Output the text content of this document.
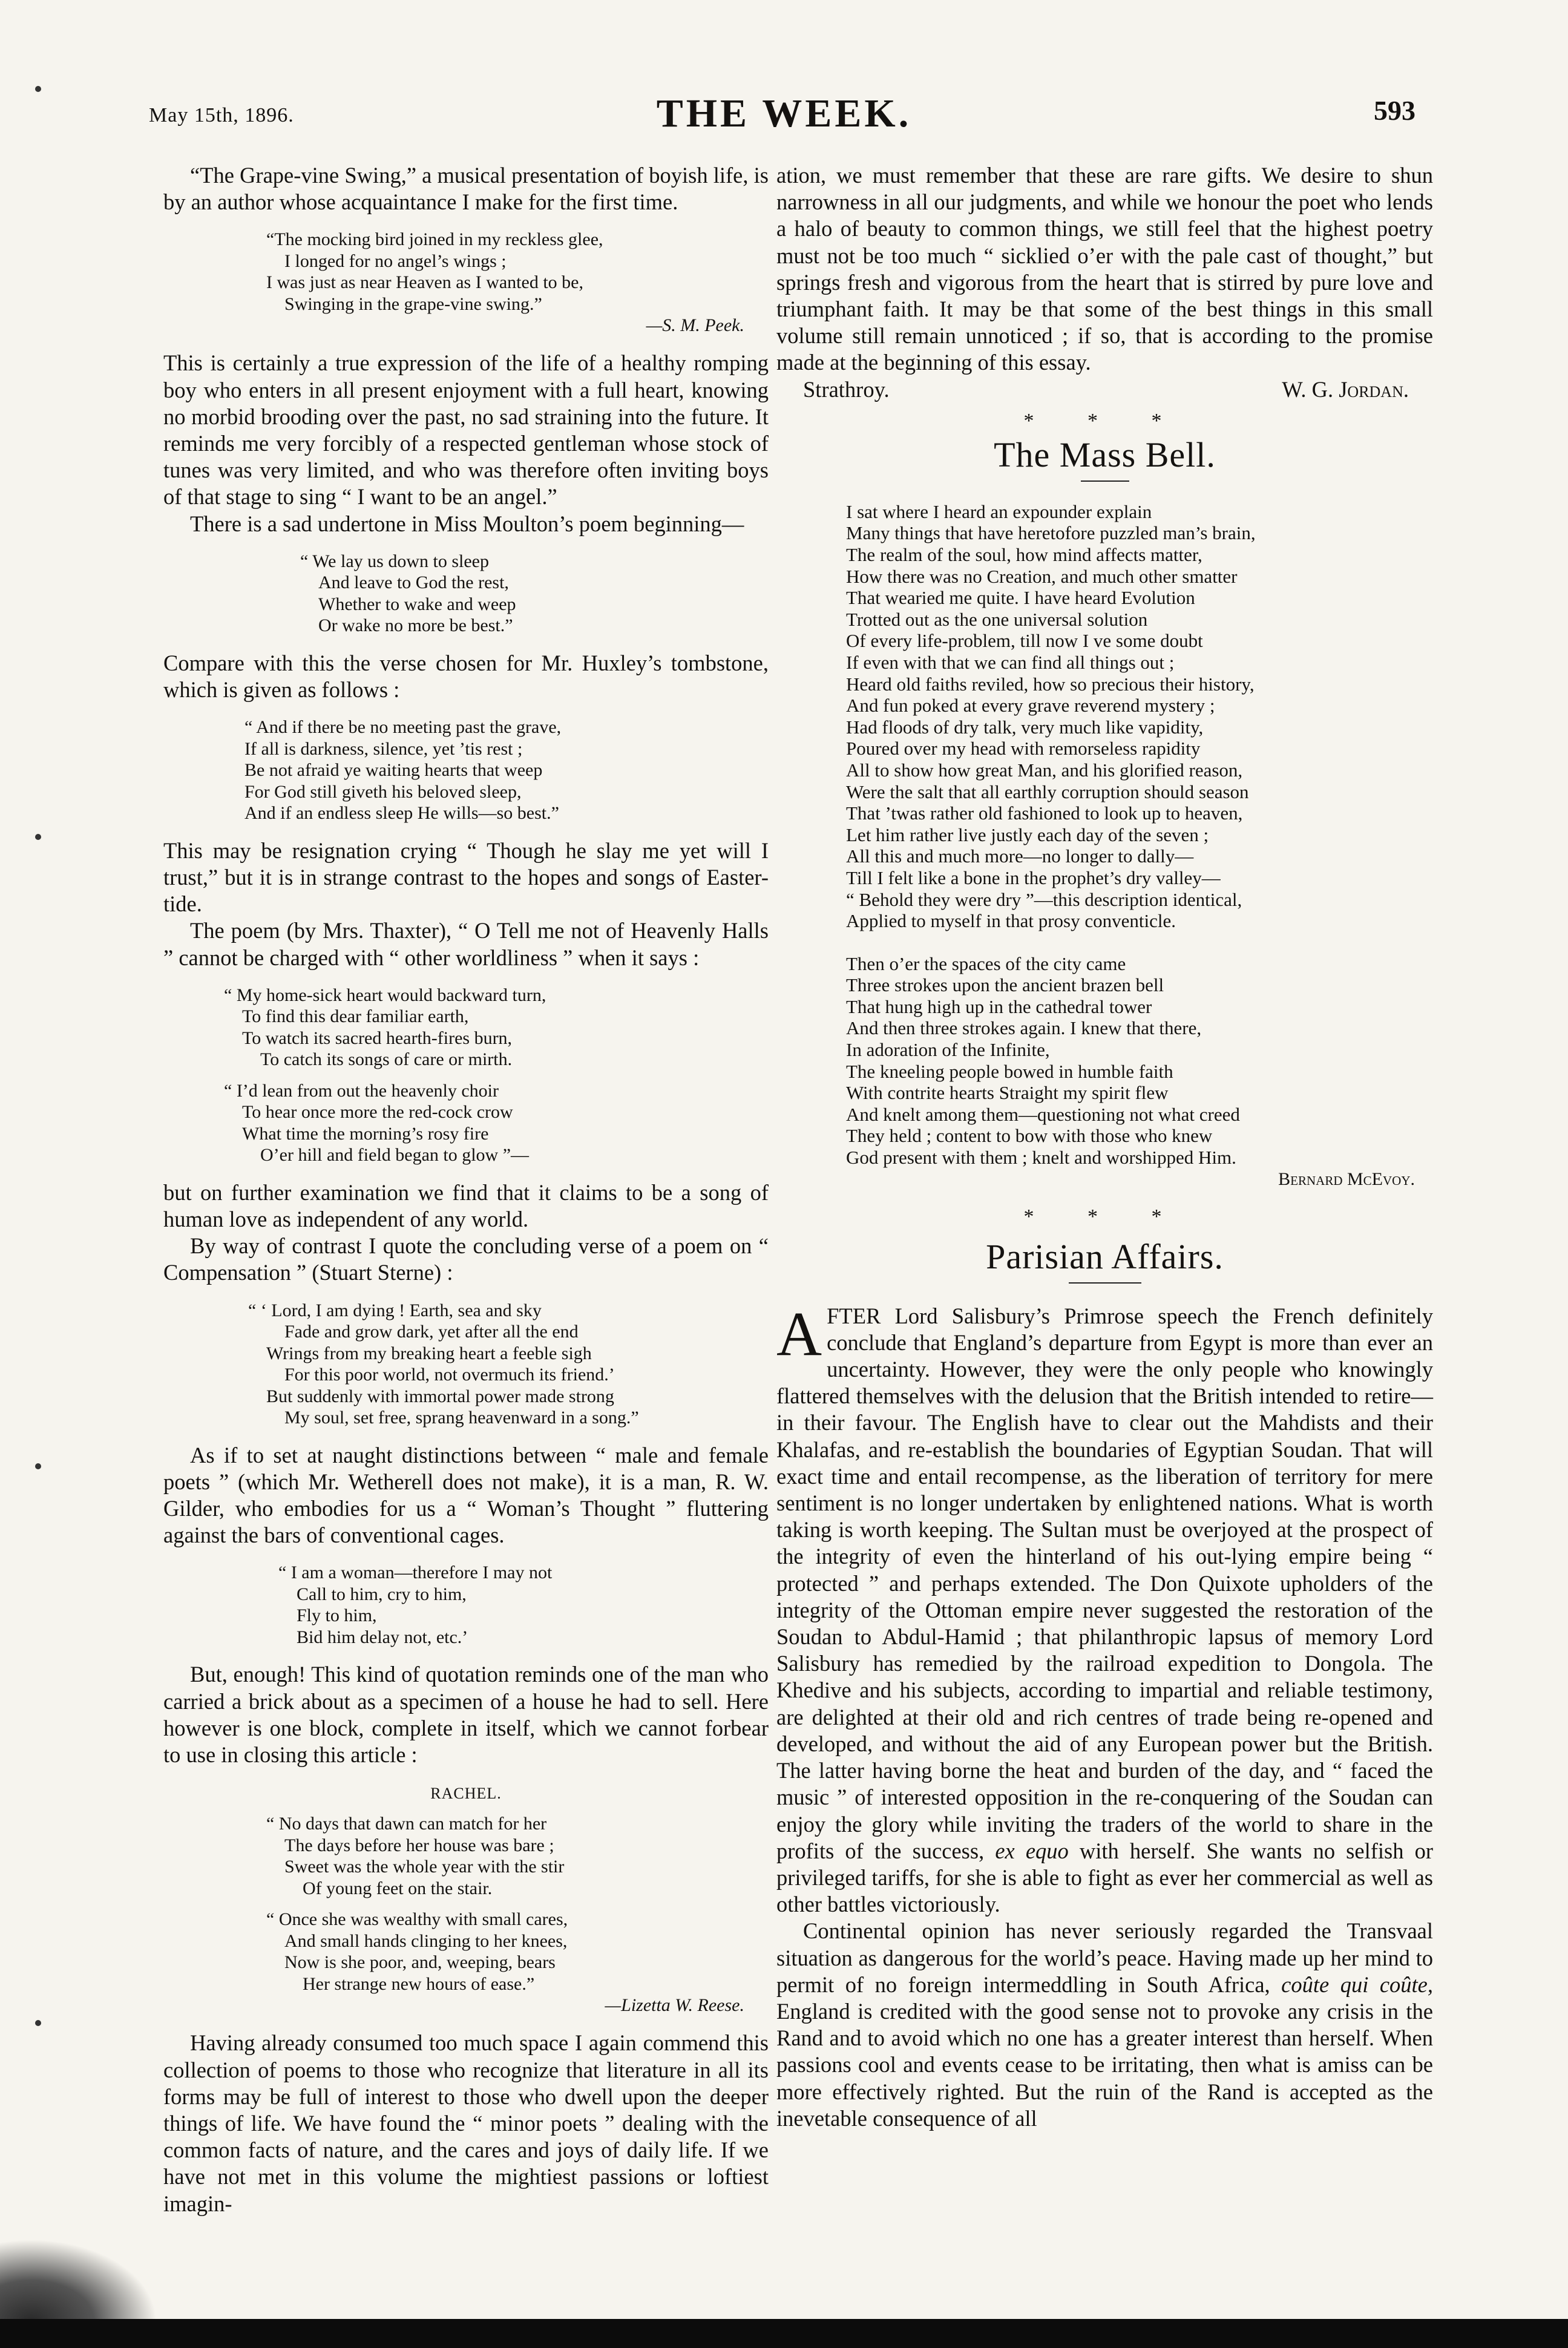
May 15th, 1896.	THE WEEK.	593

“The Grape-vine Swing,” a musical presentation of boyish life, is by an author whose acquaintance I make for the first time.

“The mocking bird joined in my reckless glee,
I longed for no angel’s wings ;
I was just as near Heaven as I wanted to be,
Swinging in the grape-vine swing.”
—S. M. Peek.

This is certainly a true expression of the life of a healthy romping boy who enters in all present enjoyment with a full heart, knowing no morbid brooding over the past, no sad straining into the future. It reminds me very forcibly of a respected gentleman whose stock of tunes was very limited, and who was therefore often inviting boys of that stage to sing “ I want to be an angel.”

There is a sad undertone in Miss Moulton’s poem beginning—

“ We lay us down to sleep
And leave to God the rest,
Whether to wake and weep
Or wake no more be best.”

Compare with this the verse chosen for Mr. Huxley’s tombstone, which is given as follows :

“ And if there be no meeting past the grave,
If all is darkness, silence, yet ’tis rest ;
Be not afraid ye waiting hearts that weep
For God still giveth his beloved sleep,
And if an endless sleep He wills—so best.”

This may be resignation crying “ Though he slay me yet will I trust,” but it is in strange contrast to the hopes and songs of Easter-tide.

The poem (by Mrs. Thaxter), “ O Tell me not of Heavenly Halls ” cannot be charged with “ other worldliness ” when it says :

“ My home-sick heart would backward turn,
To find this dear familiar earth,
To watch its sacred hearth-fires burn,
To catch its songs of care or mirth.
“ I’d lean from out the heavenly choir
To hear once more the red-cock crow
What time the morning’s rosy fire
O’er hill and field began to glow ”—

but on further examination we find that it claims to be a song of human love as independent of any world.

By way of contrast I quote the concluding verse of a poem on “ Compensation ” (Stuart Sterne) :

“ ‘ Lord, I am dying ! Earth, sea and sky
Fade and grow dark, yet after all the end
Wrings from my breaking heart a feeble sigh
For this poor world, not overmuch its friend.’
But suddenly with immortal power made strong
My soul, set free, sprang heavenward in a song.”

As if to set at naught distinctions between “ male and female poets ” (which Mr. Wetherell does not make), it is a man, R. W. Gilder, who embodies for us a “ Woman’s Thought ” fluttering against the bars of conventional cages.

“ I am a woman—therefore I may not
Call to him, cry to him,
Fly to him,
Bid him delay not, etc.’

But, enough! This kind of quotation reminds one of the man who carried a brick about as a specimen of a house he had to sell. Here however is one block, complete in itself, which we cannot forbear to use in closing this article :

RACHEL.
“ No days that dawn can match for her
The days before her house was bare ;
Sweet was the whole year with the stir
Of young feet on the stair.
“ Once she was wealthy with small cares,
And small hands clinging to her knees,
Now is she poor, and, weeping, bears
Her strange new hours of ease.”
—Lizetta W. Reese.

Having already consumed too much space I again commend this collection of poems to those who recognize that literature in all its forms may be full of interest to those who dwell upon the deeper things of life. We have found the “ minor poets ” dealing with the common facts of nature, and the cares and joys of daily life. If we have not met in this volume the mightiest passions or loftiest imagin-

ation, we must remember that these are rare gifts. We desire to shun narrowness in all our judgments, and while we honour the poet who lends a halo of beauty to common things, we still feel that the highest poetry must not be too much “ sicklied o’er with the pale cast of thought,” but springs fresh and vigorous from the heart that is stirred by pure love and triumphant faith. It may be that some of the best things in this small volume still remain unnoticed ; if so, that is according to the promise made at the beginning of this essay.

Strathroy.	W. G. Jordan.
* * *
The Mass Bell.
I sat where I heard an expounder explain
Many things that have heretofore puzzled man’s brain,
The realm of the soul, how mind affects matter,
How there was no Creation, and much other smatter
That wearied me quite. I have heard Evolution
Trotted out as the one universal solution
Of every life-problem, till now I ve some doubt
If even with that we can find all things out ;
Heard old faiths reviled, how so precious their history,
And fun poked at every grave reverend mystery ;
Had floods of dry talk, very much like vapidity,
Poured over my head with remorseless rapidity
All to show how great Man, and his glorified reason,
Were the salt that all earthly corruption should season
That ’twas rather old fashioned to look up to heaven,
Let him rather live justly each day of the seven ;
All this and much more—no longer to dally—
Till I felt like a bone in the prophet’s dry valley—
“ Behold they were dry ”—this description identical,
Applied to myself in that prosy conventicle.
Then o’er the spaces of the city came
Three strokes upon the ancient brazen bell
That hung high up in the cathedral tower
And then three strokes again. I knew that there,
In adoration of the Infinite,
The kneeling people bowed in humble faith
With contrite hearts Straight my spirit flew
And knelt among them—questioning not what creed
They held ; content to bow with those who knew
God present with them ; knelt and worshipped Him.
Bernard McEvoy.
* * *
Parisian Affairs.

A FTER Lord Salisbury’s Primrose speech the French definitely conclude that England’s departure from Egypt is more than ever an uncertainty. However, they were the only people who knowingly flattered themselves with the delusion that the British intended to retire—in their favour. The English have to clear out the Mahdists and their Khalafas, and re-establish the boundaries of Egyptian Soudan. That will exact time and entail recompense, as the liberation of territory for mere sentiment is no longer undertaken by enlightened nations. What is worth taking is worth keeping. The Sultan must be overjoyed at the prospect of the integrity of even the hinterland of his out-lying empire being “ protected ” and perhaps extended. The Don Quixote upholders of the integrity of the Ottoman empire never suggested the restoration of the Soudan to Abdul-Hamid ; that philanthropic lapsus of memory Lord Salisbury has remedied by the railroad expedition to Dongola. The Khedive and his subjects, according to impartial and reliable testimony, are delighted at their old and rich centres of trade being re-opened and developed, and without the aid of any European power but the British. The latter having borne the heat and burden of the day, and “ faced the music ” of interested opposition in the re-conquering of the Soudan can enjoy the glory while inviting the traders of the world to share in the profits of the success, ex equo with herself. She wants no selfish or privileged tariffs, for she is able to fight as ever her commercial as well as other battles victoriously.

Continental opinion has never seriously regarded the Transvaal situation as dangerous for the world’s peace. Having made up her mind to permit of no foreign intermeddling in South Africa, coûte qui coûte, England is credited with the good sense not to provoke any crisis in the Rand and to avoid which no one has a greater interest than herself. When passions cool and events cease to be irritating, then what is amiss can be more effectively righted. But the ruin of the Rand is accepted as the inevetable consequence of all
